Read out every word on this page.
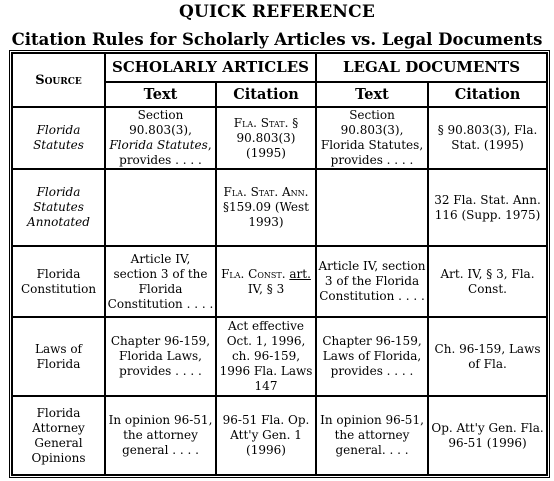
QUICK REFERENCE
Citation Rules for Scholarly Articles vs. Legal Documents
Source	SCHOLARLY ARTICLES		LEGAL DOCUMENTS	
	Text	Citation	Text	Citation
Florida Statutes	Section 90.803(3), Florida Statutes, provides . . . .	Fla. Stat. § 90.803(3) (1995)	Section 90.803(3), Florida Statutes, provides . . . .	§ 90.803(3), Fla. Stat. (1995)
Florida Statutes Annotated		Fla. Stat. Ann. §159.09 (West 1993)		32 Fla. Stat. Ann. 116 (Supp. 1975)
Florida Constitution	Article IV, section 3 of the Florida Constitution . . . .	Fla. Const. art. IV, § 3	Article IV, section 3 of the Florida Constitution . . . .	Art. IV, § 3, Fla. Const.
Laws of Florida	Chapter 96-159, Florida Laws, provides . . . .	Act effective Oct. 1, 1996, ch. 96-159, 1996 Fla. Laws 147	Chapter 96-159, Laws of Florida, provides . . . .	Ch. 96-159, Laws of Fla.
Florida Attorney General Opinions	In opinion 96-51, the attorney general . . . .	96-51 Fla. Op. Att'y Gen. 1 (1996)	In opinion 96-51, the attorney general. . . .	Op. Att'y Gen. Fla. 96-51 (1996)
